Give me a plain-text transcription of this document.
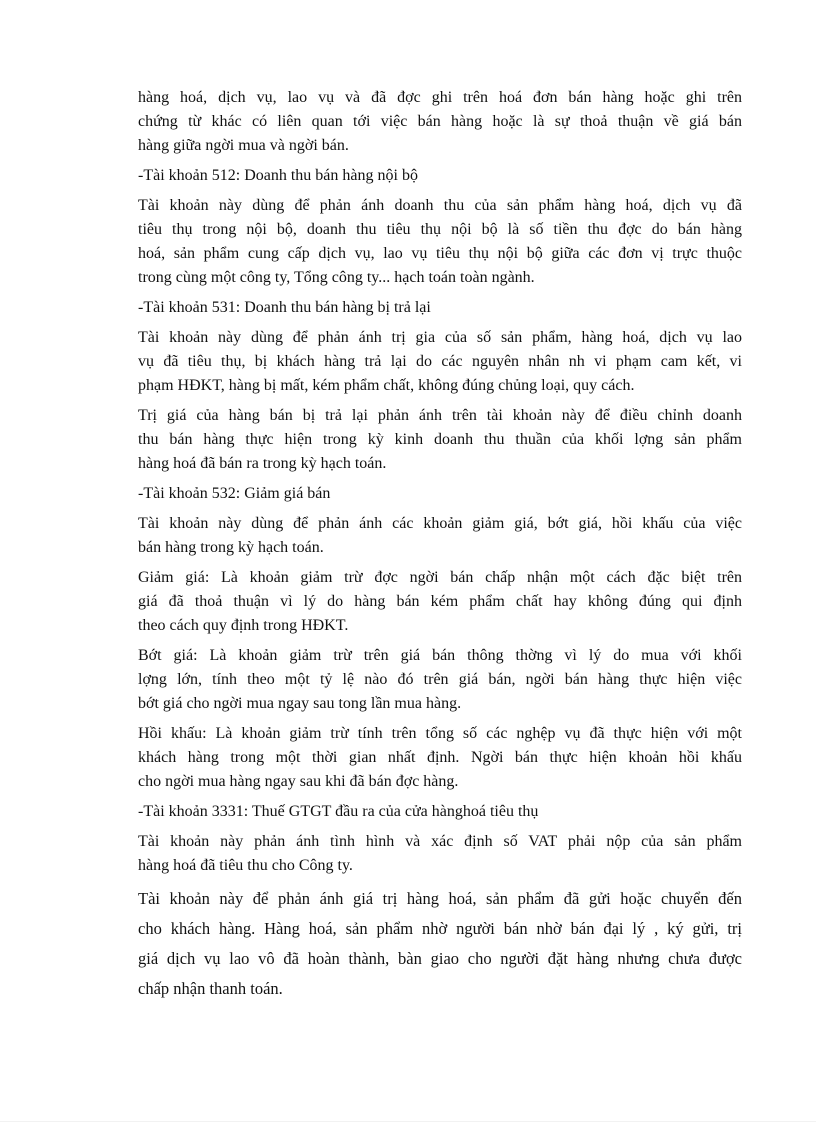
hàng hoá, dịch vụ, lao vụ và đã đợc ghi trên hoá đơn bán hàng hoặc ghi trên
chứng từ khác có liên quan tới việc bán hàng hoặc là sự thoả thuận về giá bán
hàng giữa ngời mua và ngời bán.
-Tài khoản 512: Doanh thu bán hàng nội bộ
Tài khoản này dùng để phản ánh doanh thu của sản phẩm hàng hoá, dịch vụ đã
tiêu thụ trong nội bộ, doanh thu tiêu thụ nội bộ là số tiền thu đợc do bán hàng
hoá, sản phẩm cung cấp dịch vụ, lao vụ tiêu thụ nội bộ giữa các đơn vị trực thuộc
trong cùng một công ty, Tổng công ty... hạch toán toàn ngành.
-Tài khoản 531: Doanh thu bán hàng bị trả lại
Tài khoản này dùng để phản ánh trị gia của số sản phẩm, hàng hoá, dịch vụ lao
vụ đã tiêu thụ, bị khách hàng trả lại do các nguyên nhân nh vi phạm cam kết, vi
phạm HĐKT, hàng bị mất, kém phẩm chất, không đúng chủng loại, quy cách.
Trị giá của hàng bán bị trả lại phản ánh trên tài khoản này để điều chỉnh doanh
thu bán hàng thực hiện trong kỳ kinh doanh thu thuần của khối lợng sản phẩm
hàng hoá đã bán ra trong kỳ hạch toán.
-Tài khoản 532: Giảm giá bán
Tài khoản này dùng để phản ánh các khoản giảm giá, bớt giá, hồi khấu của việc
bán hàng trong kỳ hạch toán.
Giảm giá: Là khoản giảm trừ đợc ngời bán chấp nhận một cách đặc biệt trên
giá đã thoả thuận vì lý do hàng bán kém phẩm chất hay không đúng qui định
theo cách quy định trong HĐKT.
Bớt giá: Là khoản giảm trừ trên giá bán thông thờng vì lý do mua với khối
lợng lớn, tính theo một tỷ lệ nào đó trên giá bán, ngời bán hàng thực hiện việc
bớt giá cho ngời mua ngay sau tong lần mua hàng.
Hồi khấu: Là khoản giảm trừ tính trên tổng số các nghệp vụ đã thực hiện với một
khách hàng trong một thời gian nhất định. Ngời bán thực hiện khoản hồi khấu
cho ngời mua hàng ngay sau khi đã bán đợc hàng.
-Tài khoản 3331: Thuế GTGT đầu ra của cửa hànghoá tiêu thụ
Tài khoản này phản ánh tình hình và xác định số VAT phải nộp của sản phẩm
hàng hoá đã tiêu thu cho Công ty.
Tài khoản này để phản ánh giá trị hàng hoá, sản phẩm đã gửi hoặc chuyển đến
cho khách hàng. Hàng hoá, sản phẩm nhờ người bán nhờ bán đại lý , ký gửi, trị
giá dịch vụ lao vô đã hoàn thành, bàn giao cho người đặt hàng nhưng chưa được
chấp nhận thanh toán.
